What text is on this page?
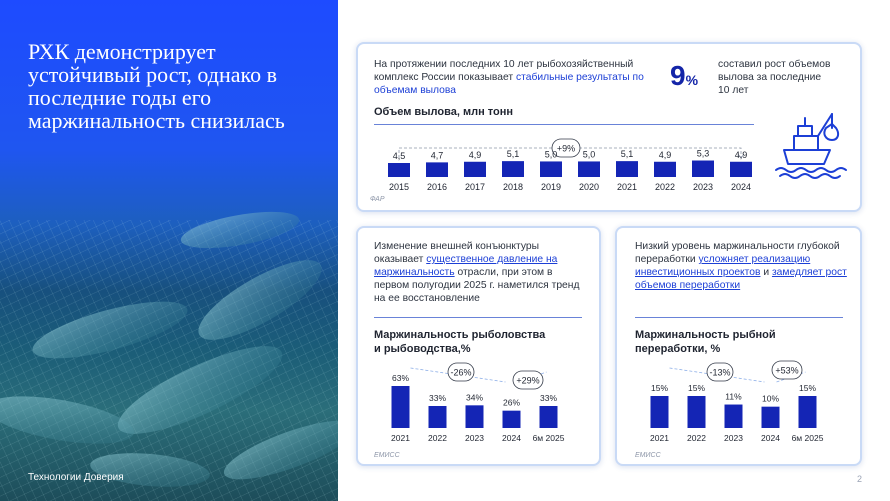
РХК демонстрирует устойчивый рост, однако в последние годы его маржинальность снизилась
Технологии Доверия	2
На протяжении последних 10 лет рыбохозяйственный комплекс России показывает стабильные результаты по объемам вылова	9%
составил рост объемов вылова за последние 10 лет
Объем вылова, млн тонн
+9%
4,5
2015
4,7
2016
4,9
2017
5,1
2018
5,0
2019
5,0
2020
5,1
2021
4,9
2022
5,3
2023
4,9
2024
ФАР
Изменение внешней конъюнктуры оказывает существенное давление на маржинальность отрасли, при этом в первом полугодии 2025 г. наметился тренд на ее восстановление
Маржинальность рыболовства
и рыбоводства,%
-26%
+29%
63%
2021
33%
2022
34%
2023
26%
2024
33%
6м 2025
ЕМИСС
Низкий уровень маржинальности глубокой переработки усложняет реализацию инвестиционных проектов и замедляет рост объемов переработки
Маржинальность рыбной
переработки, %
-13%	+53%
15%
2021
15%
2022
11%
2023
10%
2024
15%
6м 2025
ЕМИСС
